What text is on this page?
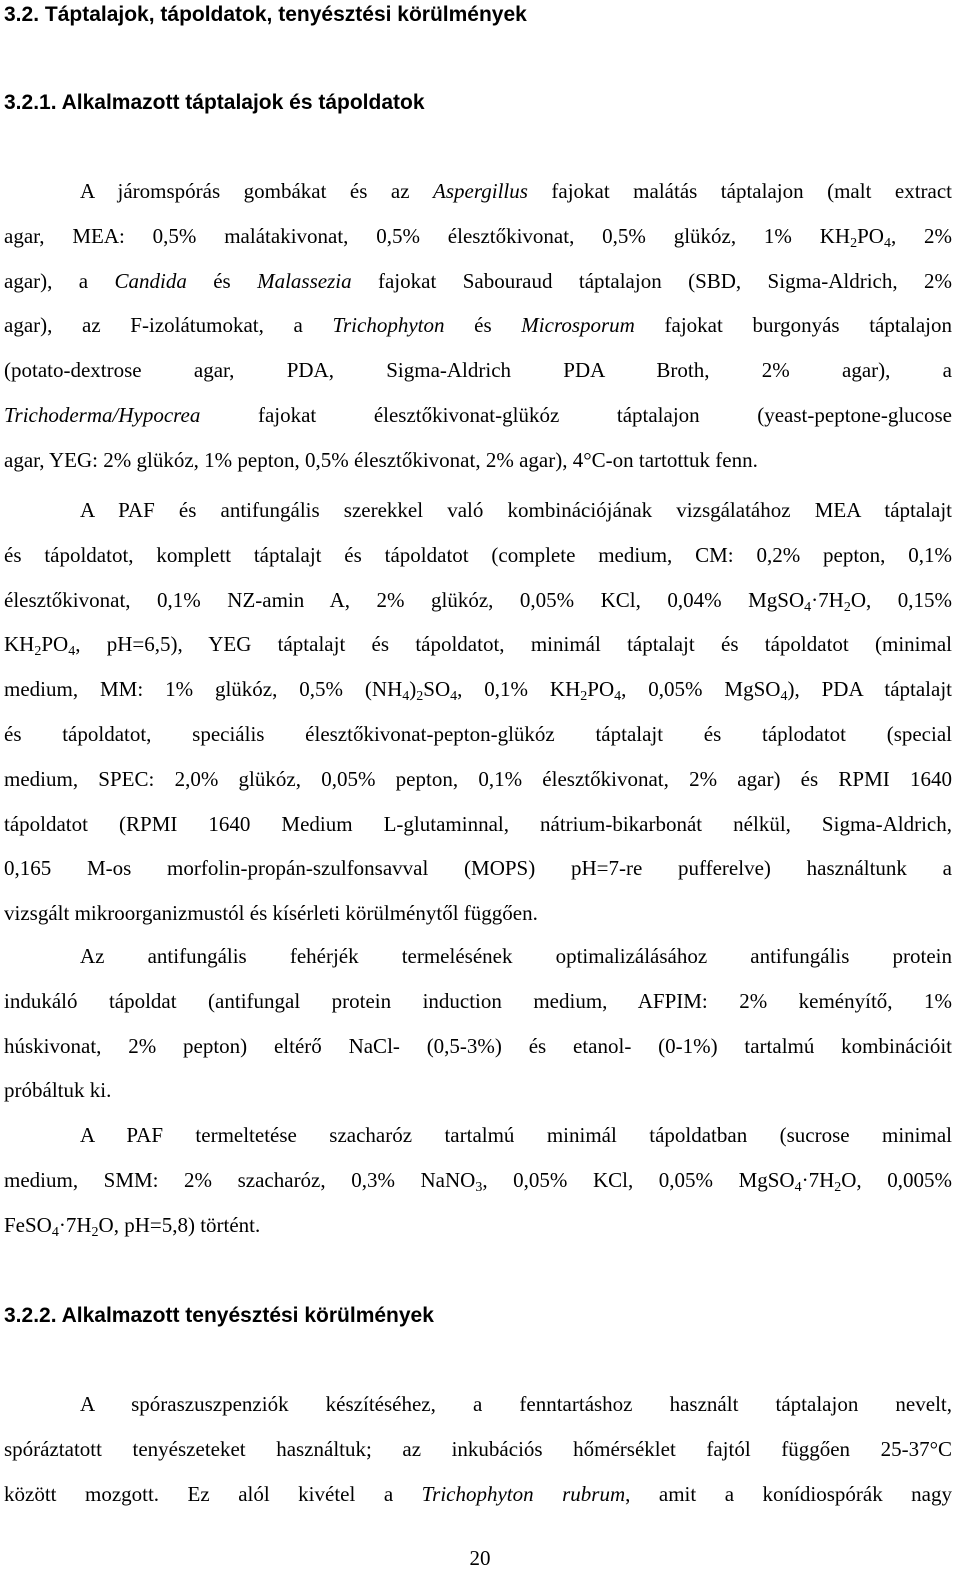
3.2. Táptalajok, tápoldatok, tenyésztési körülmények
3.2.1. Alkalmazott táptalajok és tápoldatok
A járomspórás gombákat és az Aspergillus fajokat malátás táptalajon (malt extract
agar, MEA: 0,5% malátakivonat, 0,5% élesztőkivonat, 0,5% glükóz, 1% $KH_2PO_4$, 2%
agar), a Candida és Malassezia fajokat Sabouraud táptalajon (SBD, Sigma-Aldrich, 2%
agar), az F-izolátumokat, a Trichophyton és Microsporum fajokat burgonyás táptalajon
(potato-dextrose agar, PDA, Sigma-Aldrich PDA Broth, 2% agar), a
Trichoderma/Hypocrea fajokat élesztőkivonat-glükóz táptalajon (yeast-peptone-glucose
agar, YEG: 2% glükóz, 1% pepton, 0,5% élesztőkivonat, 2% agar), 4°C-on tartottuk fenn.
A PAF és antifungális szerekkel való kombinációjának vizsgálatához MEA táptalajt
és tápoldatot, komplett táptalajt és tápoldatot (complete medium, CM: 0,2% pepton, 0,1%
élesztőkivonat, 0,1% NZ-amin A, 2% glükóz, 0,05% KCl, 0,04% $MgSO_4\cdot 7H_2O$, 0,15%
$KH_2PO_4$, pH=6,5), YEG táptalajt és tápoldatot, minimál táptalajt és tápoldatot (minimal
medium, MM: 1% glükóz, 0,5% $(NH_4)_2SO_4$, 0,1% $KH_2PO_4$, 0,05% MgSO$_4$), PDA táptalajt
és tápoldatot, speciális élesztőkivonat-pepton-glükóz táptalajt és táplodatot (special
medium, SPEC: 2,0% glükóz, 0,05% pepton, 0,1% élesztőkivonat, 2% agar) és RPMI 1640
tápoldatot (RPMI 1640 Medium L-glutaminnal, nátrium-bikarbonát nélkül, Sigma-Aldrich,
0,165 M-os morfolin-propán-szulfonsavval (MOPS) pH=7-re pufferelve) használtunk a
vizsgált mikroorganizmustól és kísérleti körülménytől függően.
Az antifungális fehérjék termelésének optimalizálásához antifungális protein
indukáló tápoldat (antifungal protein induction medium, AFPIM: 2% keményítő, 1%
húskivonat, 2% pepton) eltérő NaCl- (0,5-3%) és etanol- (0-1%) tartalmú kombinációit
próbáltuk ki.
A PAF termeltetése szacharóz tartalmú minimál tápoldatban (sucrose minimal
medium, SMM: 2% szacharóz, 0,3% NaNO$_3$, 0,05% KCl, 0,05% $MgSO_4\cdot 7H_2O$, 0,005%
$FeSO_4\cdot 7H_2O$, pH=5,8) történt.
3.2.2. Alkalmazott tenyésztési körülmények
A spóraszuszpenziók készítéséhez, a fenntartáshoz használt táptalajon nevelt,
spóráztatott tenyészeteket használtuk; az inkubációs hőmérséklet fajtól függően 25-37°C
között mozgott. Ez alól kivétel a Trichophyton rubrum, amit a konídiospórák nagy
20
